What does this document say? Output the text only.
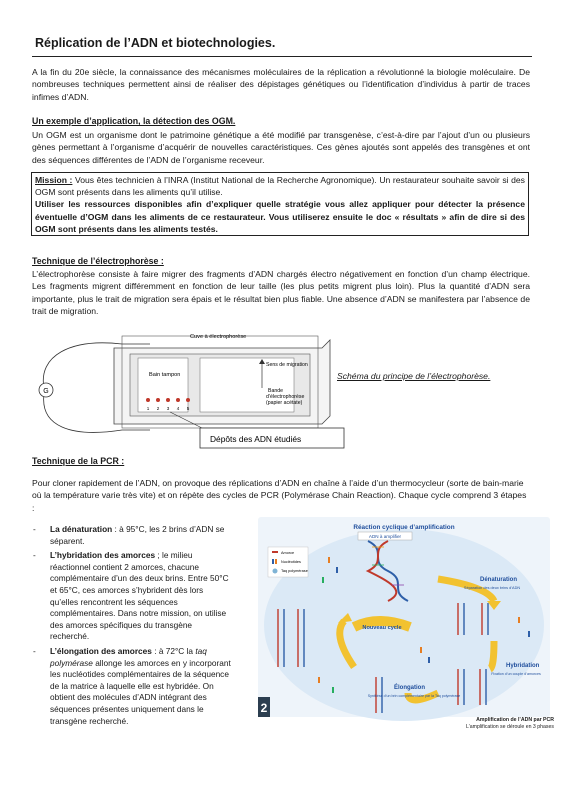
Réplication de l’ADN et biotechnologies.
A la fin du 20e siècle, la connaissance des mécanismes moléculaires de la réplication a révolutionné la biologie moléculaire. De nombreuses techniques permettent ainsi de réaliser des dépistages génétiques ou l’identification d’individus à partir de traces infimes d’ADN.
Un exemple d’application, la détection des OGM.
Un OGM est un organisme dont le patrimoine génétique a été modifié par transgenèse, c’est-à-dire par l’ajout d’un ou plusieurs gènes permettant à l’organisme d’acquérir de nouvelles caractéristiques. Ces gènes ajoutés sont appelés des transgènes et ont des séquences différentes de l’ADN de l’organisme receveur.
Mission : Vous êtes technicien à l’INRA (Institut National de la Recherche Agronomique). Un restaurateur souhaite savoir si des OGM sont présents dans les aliments qu’il utilise.
Utiliser les ressources disponibles afin d’expliquer quelle stratégie vous allez appliquer pour détecter la présence éventuelle d’OGM dans les aliments de ce restaurateur. Vous utiliserez ensuite le doc « résultats » afin de dire si des OGM sont présents dans les aliments testés.
Technique de l’électrophorèse :
L’électrophorèse consiste à faire migrer des fragments d’ADN chargés électro négativement en fonction d’un champ électrique. Les fragments migrent différemment en fonction de leur taille (les plus petits migrent plus loin). Plus la quantité d’ADN sera importante, plus le trait de migration sera épais et le résultat bien plus fiable. Une absence d’ADN se manifestera par l’absence de trait de migration.
G
Cuve à électrophorèse
Bain tampon
Sens de migration
Bande
d’électrophorèse
(papier acétate)
1 2 3 4 5
Dépôts des ADN étudiés
Schéma du principe de l’électrophorèse.
Technique de la PCR :
Pour cloner rapidement de l’ADN, on provoque des réplications d’ADN en chaîne à l’aide d’un thermocycleur (sorte de bain-marie où la température varie très vite) et on répète des cycles de PCR (Polymérase Chain Reaction). Chaque cycle comprend 3 étapes :
- La dénaturation : à 95°C, les 2 brins d’ADN se séparent.
- L’hybridation des amorces ; le milieu réactionnel contient 2 amorces, chacune complémentaire d’un des deux brins. Entre 50°C et 65°C, ces amorces s’hybrident dès lors qu’elles rencontrent les séquences complémentaires. Dans notre mission, on utilise des amorces spécifiques du transgène recherché.
- L’élongation des amorces : à 72°C la taq polymérase allonge les amorces en y incorporant les nucléotides complémentaires de la séquence de la matrice à laquelle elle est hybridée. On obtient des molécules d’ADN intégrant des séquences présentes uniquement dans le transgène recherché.
Réaction cyclique d’amplification
ADN à amplifier
Amorce
Nucléotides
Taq polymérase
Nouveau cycle
Dénaturation
Séparation des deux brins d’ADN
Hybridation
Fixation d’un couple d’amorces
Élongation
Synthèse d’un brin complémentaire par la Taq polymérase
2
Amplification de l’ADN par PCR
L’amplification se déroule en 3 phases
